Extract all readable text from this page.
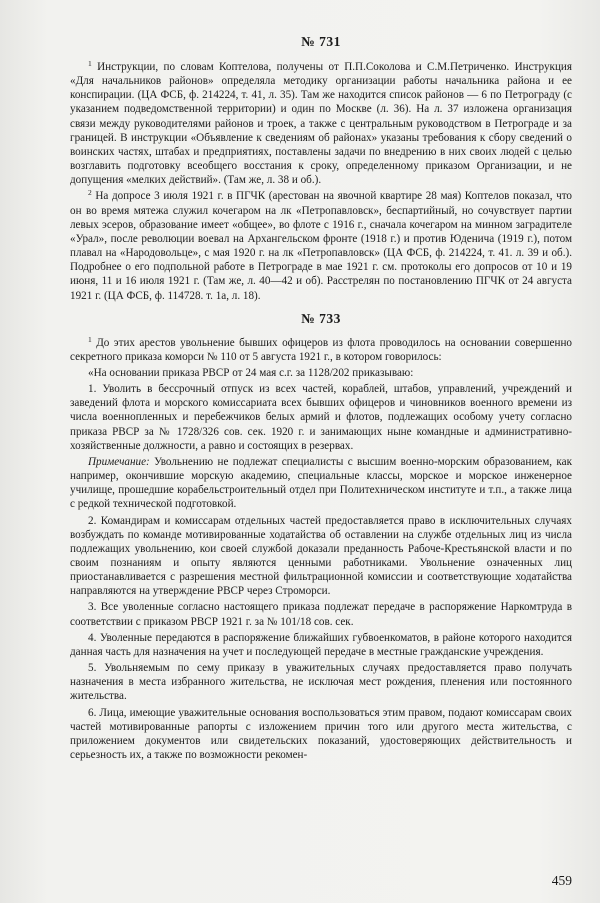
№ 731

$^1$ Инструкции, по словам Коптелова, получены от П.П.Соколова и С.М.Петриченко. Инструкция «Для начальников районов» определяла методику организации работы начальника района и ее конспирации. (ЦА ФСБ, ф. 214224, т. 41, л. 35). Там же находится список районов — 6 по Петрограду (с указанием подведомственной территории) и один по Москве (л. 36). На л. 37 изложена организация связи между руководителями районов и троек, а также с центральным руководством в Петрограде и за границей. В инструкции «Объявление к сведениям об районах» указаны требования к сбору сведений о воинских частях, штабах и предприятиях, поставлены задачи по внедрению в них своих людей с целью возглавить подготовку всеобщего восстания к сроку, определенному приказом Организации, и не допущения «мелких действий». (Там же, л. 38 и об.).

$^2$ На допросе 3 июля 1921 г. в ПГЧК (арестован на явочной квартире 28 мая) Коптелов показал, что он во время мятежа служил кочегаром на лк «Петропавловск», беспартийный, но сочувствует партии левых эсеров, образование имеет «общее», во флоте с 1916 г., сначала кочегаром на минном заградителе «Урал», после революции воевал на Архангельском фронте (1918 г.) и против Юденича (1919 г.), потом плавал на «Народовольце», с мая 1920 г. на лк «Петропавловск» (ЦА ФСБ, ф. 214224, т. 41. л. 39 и об.). Подробнее о его подпольной работе в Петрограде в мае 1921 г. см. протоколы его допросов от 10 и 19 июня, 11 и 16 июля 1921 г. (Там же, л. 40—42 и об). Расстрелян по постановлению ПГЧК от 24 августа 1921 г. (ЦА ФСБ, ф. 114728. т. 1а, л. 18).

№ 733

$^1$ До этих арестов увольнение бывших офицеров из флота проводилось на основании совершенно секретного приказа коморси № 110 от 5 августа 1921 г., в котором говорилось:

«На основании приказа РВСР от 24 мая с.г. за 1128/202 приказываю:

1. Уволить в бессрочный отпуск из всех частей, кораблей, штабов, управлений, учреждений и заведений флота и морского комиссариата всех бывших офицеров и чиновников военного времени из числа военнопленных и перебежчиков белых армий и флотов, подлежащих особому учету согласно приказа РВСР за № 1728/326 сов. сек. 1920 г. и занимающих ныне командные и административно-хозяйственные должности, а равно и состоящих в резервах.

Примечание: Увольнению не подлежат специалисты с высшим военно-морским образованием, как например, окончившие морскую академию, специальные классы, морское и морское инженерное училище, прошедшие корабельстроительный отдел при Политехническом институте и т.п., а также лица с редкой технической подготовкой.

2. Командирам и комиссарам отдельных частей предоставляется право в исключительных случаях возбуждать по команде мотивированные ходатайства об оставлении на службе отдельных лиц из числа подлежащих увольнению, кои своей службой доказали преданность Рабоче-Крестьянской власти и по своим познаниям и опыту являются ценными работниками. Увольнение означенных лиц приостанавливается с разрешения местной фильтрационной комиссии и соответствующие ходатайства направляются на утверждение РВСР через Строморси.

3. Все уволенные согласно настоящего приказа подлежат передаче в распоряжение Наркомтруда в соответствии с приказом РВСР 1921 г. за № 101/18 сов. сек.

4. Уволенные передаются в распоряжение ближайших губвоенкоматов, в районе которого находится данная часть для назначения на учет и последующей передаче в местные гражданские учреждения.

5. Увольняемым по сему приказу в уважительных случаях предоставляется право получать назначения в места избранного жительства, не исключая мест рождения, пленения или постоянного жительства.

6. Лица, имеющие уважительные основания воспользоваться этим правом, подают комиссарам своих частей мотивированные рапорты с изложением причин того или другого места жительства, с приложением документов или свидетельских показаний, удостоверяющих действительность и серьезность их, а также по возможности рекомен-

459
